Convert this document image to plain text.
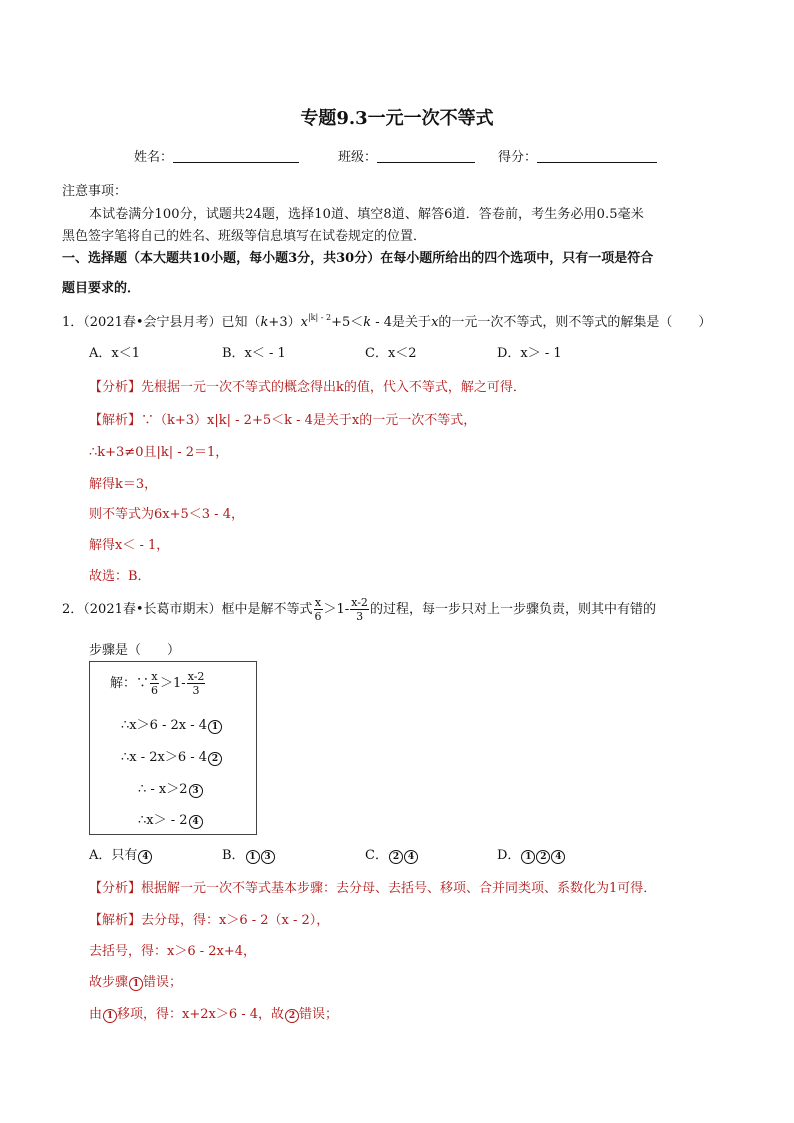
专题9.3一元一次不等式
姓名：	班级：	得分：
注意事项：
本试卷满分100分，试题共24题，选择10道、填空8道、解答6道．答卷前，考生务必用0.5毫米
黑色签字笔将自己的姓名、班级等信息填写在试卷规定的位置．
一、选择题（本大题共10小题，每小题3分，共30分）在每小题所给出的四个选项中，只有一项是符合
题目要求的．
1．（2021春•会宁县月考）已知$(k+3)x^{|k| - 2}+5<k - 4$是关于x的一元一次不等式，则不等式的解集是（　　）
A．x＜1	B．x＜ - 1	C．x＜2	D．x＞ - 1
【分析】先根据一元一次不等式的概念得出k的值，代入不等式，解之可得．
【解析】∵（k+3）x|k| - 2+5＜k - 4是关于x的一元一次不等式，
∴k+3≠0且|k| - 2＝1，
解得k＝3，
则不等式为6x+5＜3 - 4，
解得x＜ - 1，
故选：B．
2．（2021春•长葛市期末）框中是解不等式 $\frac{x}{6} >1- \frac{x-2}{3}$ 的过程，每一步只对上一步骤负责，则其中有错的
步骤是（　　）
解：∵ $\frac{x}{6} >1- \frac{x-2}{3}$
∴x＞6 - 2x - 4 1
∴x - 2x＞6 - 4 2
∴ - x＞2 3
∴x＞ - 2 4
A．只有 4	B． 1 3	C． 2 4	D． 1 2 4
【分析】根据解一元一次不等式基本步骤：去分母、去括号、移项、合并同类项、系数化为1可得．
【解析】去分母，得：x＞6 - 2（x - 2），
去括号，得：x＞6 - 2x+4，
故步骤 1 错误；
由 1 移项，得：x+2x＞6 - 4，故 2 错误；
